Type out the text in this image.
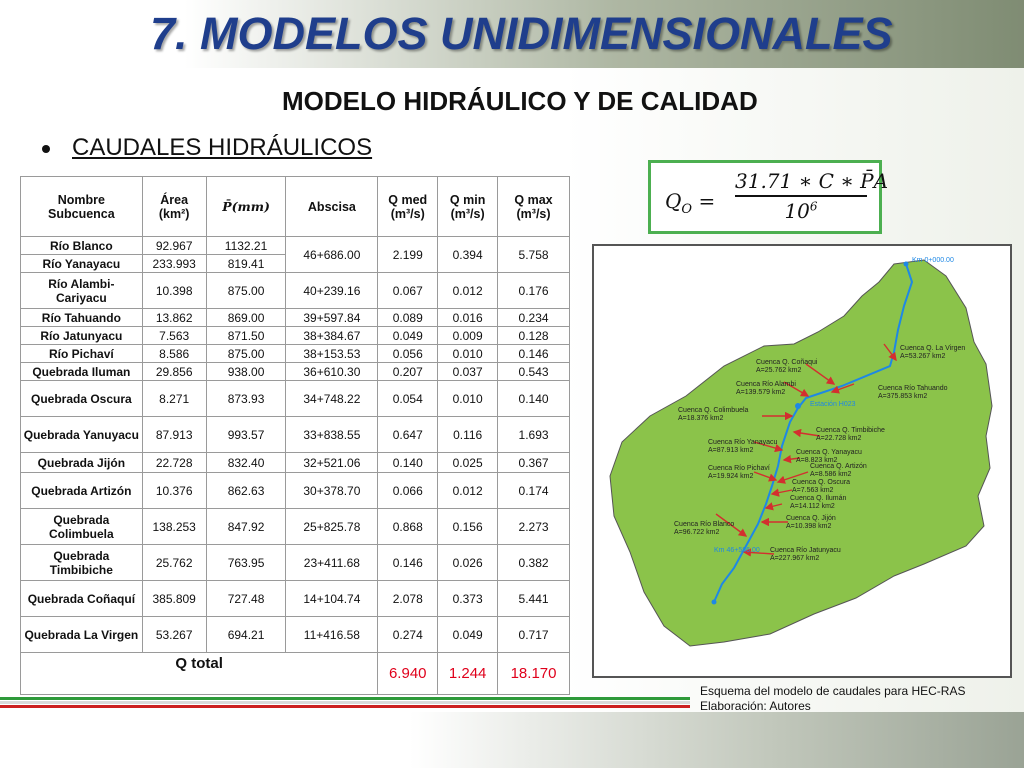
7. MODELOS UNIDIMENSIONALES
MODELO HIDRÁULICO Y DE CALIDAD
CAUDALES HIDRÁULICOS
Nombre Subcuenca	Área (km²)	P̄(mm)	Abscisa	Q med (m³/s)	Q min (m³/s)	Q max (m³/s)
Río Blanco	92.967	1132.21	46+686.00	2.199	0.394	5.758
Río Yanayacu	233.993	819.41				
Río Alambi-Cariyacu	10.398	875.00	40+239.16	0.067	0.012	0.176
Río Tahuando	13.862	869.00	39+597.84	0.089	0.016	0.234
Río Jatunyacu	7.563	871.50	38+384.67	0.049	0.009	0.128
Río Pichaví	8.586	875.00	38+153.53	0.056	0.010	0.146
Quebrada Iluman	29.856	938.00	36+610.30	0.207	0.037	0.543
Quebrada Oscura	8.271	873.93	34+748.22	0.054	0.010	0.140
Quebrada Yanuyacu	87.913	993.57	33+838.55	0.647	0.116	1.693
Quebrada Jijón	22.728	832.40	32+521.06	0.140	0.025	0.367
Quebrada Artizón	10.376	862.63	30+378.70	0.066	0.012	0.174
Quebrada Colimbuela	138.253	847.92	25+825.78	0.868	0.156	2.273
Quebrada Timbibiche	25.762	763.95	23+411.68	0.146	0.026	0.382
Quebrada Coñaquí	385.809	727.48	14+104.74	2.078	0.373	5.441
Quebrada La Virgen	53.267	694.21	11+416.58	0.274	0.049	0.717
Q total				6.940	1.244	18.170
$Q_O = \frac{31.71 ∗ C ∗ P̄A}{10^6}$
Km 0+000.00
Cuenca Q. La Virgen
A=53.267 km2
Cuenca Q. Coñaqui
A=25.762 km2
Cuenca Río Alambi
A=139.579 km2
Cuenca Río Tahuando
A=375.853 km2
Cuenca Q. Colimbuela
A=18.376 km2
Estación H023
Cuenca Q. Timbibiche
A=22.728 km2
Cuenca Río Yanayacu
A=87.913 km2	Cuenca Q. Yanayacu
A=8.823 km2
Cuenca Río Pichaví
A=19.924 km2
Cuenca Q. Artizón
A=8.586 km2
Cuenca Q. Oscura
A=7.563 km2
Cuenca Q. Ilumán
A=14.112 km2
Cuenca Q. Jijón
A=10.398 km2
Cuenca Río Blanco
A=96.722 km2
Km 46+586.00 Cuenca Río Jatunyacu
A=227.967 km2
Esquema del modelo de caudales para HEC-RAS
Elaboración: Autores
